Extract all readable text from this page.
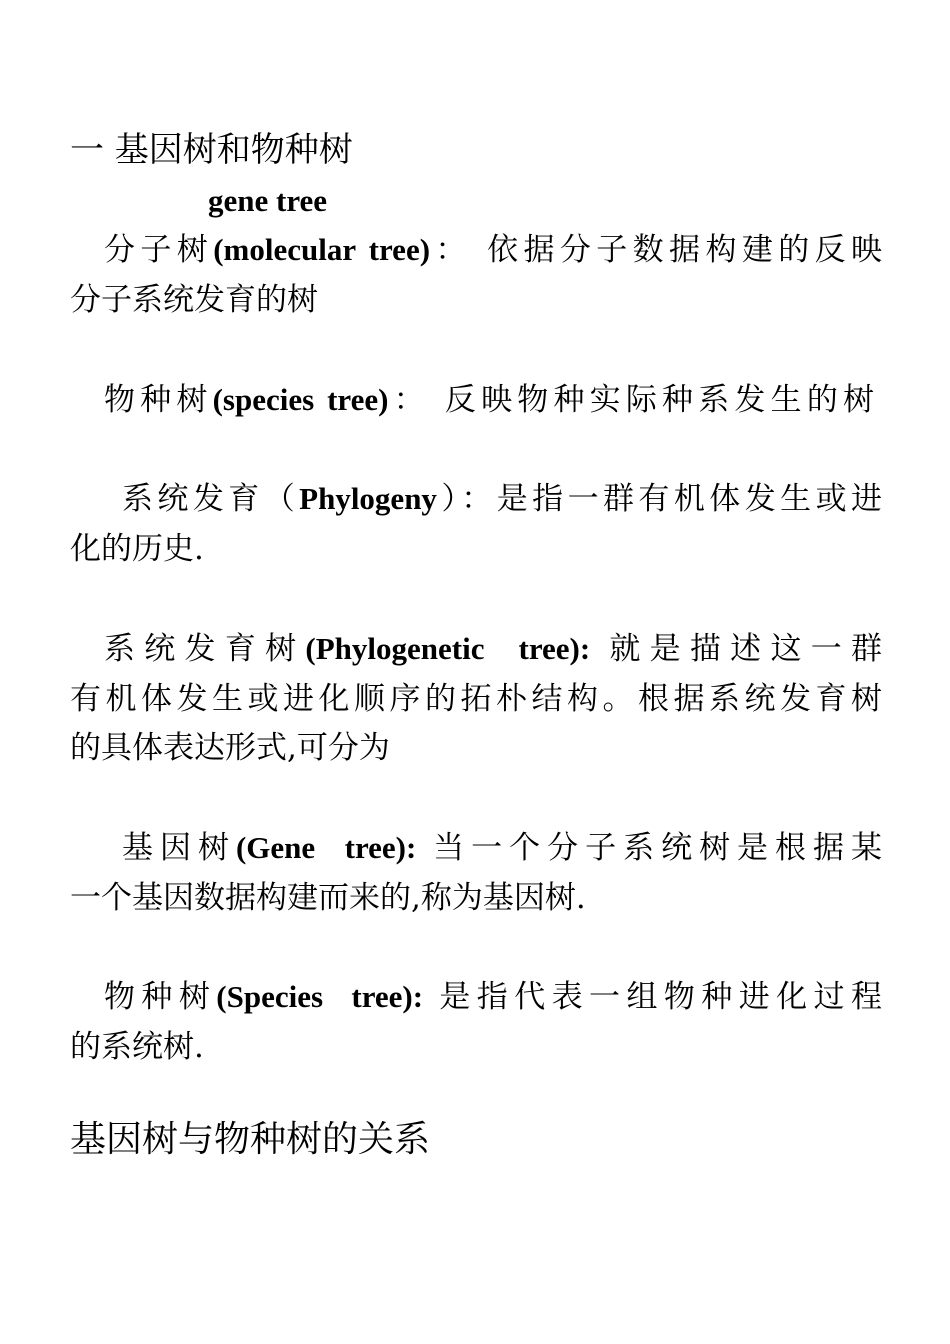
一 基因树和物种树
gene tree
分子树(molecular tree)： 依据分子数据构建的反映
分子系统发育的树
物种树(species tree)： 反映物种实际种系发生的树
系统发育（Phylogeny）：是指一群有机体发生或进
化的历史.
系统发育树(Phylogenetic  tree): 就是描述这一群
有机体发生或进化顺序的拓朴结构。根据系统发育树
的具体表达形式,可分为
基因树(Gene  tree): 当一个分子系统树是根据某
一个基因数据构建而来的,称为基因树.
物种树(Species  tree): 是指代表一组物种进化过程
的系统树.
基因树与物种树的关系
